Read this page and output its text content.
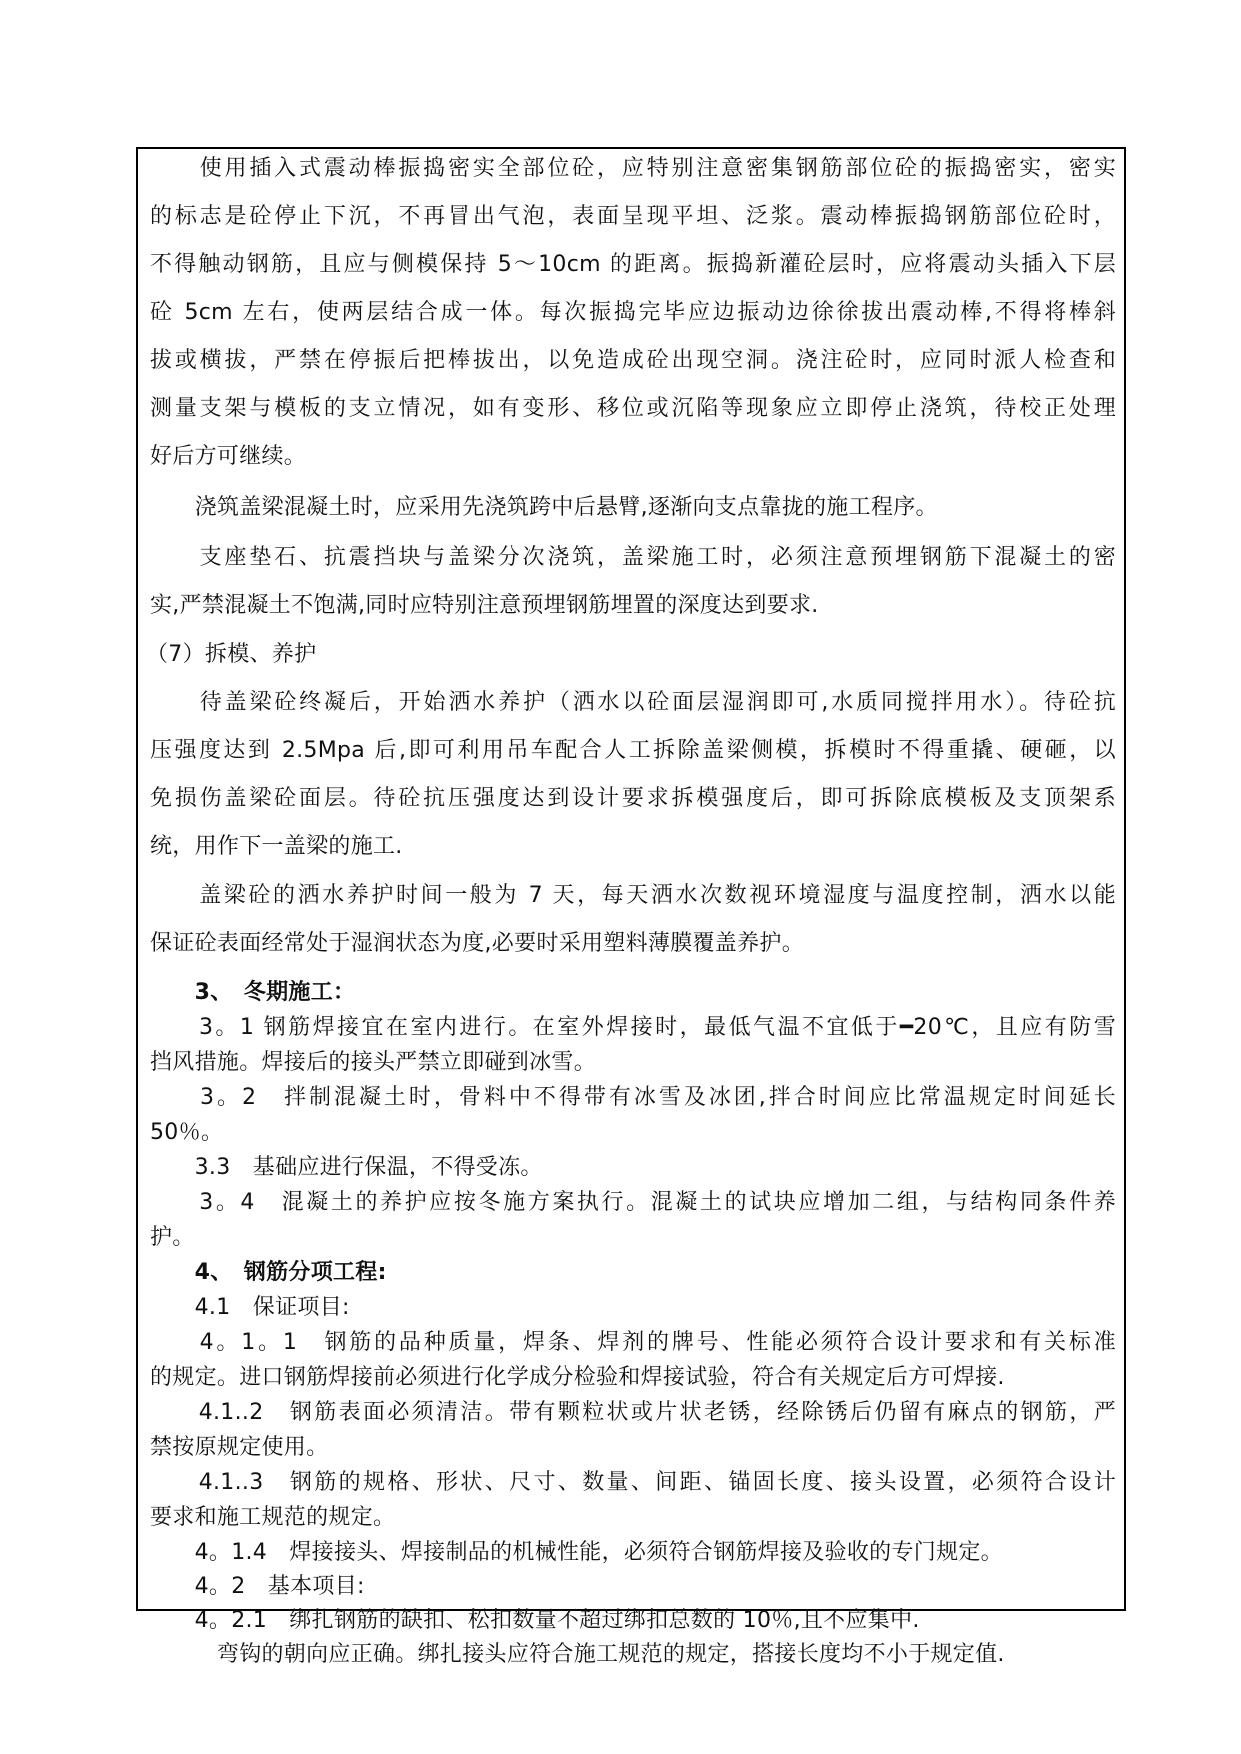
　　使用插入式震动棒振捣密实全部位砼，应特别注意密集钢筋部位砼的振捣密实，密实
的标志是砼停止下沉，不再冒出气泡，表面呈现平坦、泛浆。震动棒振捣钢筋部位砼时，
不得触动钢筋，且应与侧模保持 5～10cm 的距离。振捣新灌砼层时，应将震动头插入下层
砼 5cm 左右，使两层结合成一体。每次振捣完毕应边振动边徐徐拔出震动棒,不得将棒斜
拔或横拔，严禁在停振后把棒拔出，以免造成砼出现空洞。浇注砼时，应同时派人检查和
测量支架与模板的支立情况，如有变形、移位或沉陷等现象应立即停止浇筑，待校正处理
好后方可继续。
　　浇筑盖梁混凝土时，应采用先浇筑跨中后悬臂,逐渐向支点靠拢的施工程序。
　　支座垫石、抗震挡块与盖梁分次浇筑，盖梁施工时，必须注意预埋钢筋下混凝土的密
实,严禁混凝土不饱满,同时应特别注意预埋钢筋埋置的深度达到要求.
（7）拆模、养护
　　待盖梁砼终凝后，开始洒水养护（洒水以砼面层湿润即可,水质同搅拌用水）。待砼抗
压强度达到 2.5Mpa 后,即可利用吊车配合人工拆除盖梁侧模，拆模时不得重撬、硬砸，以
免损伤盖梁砼面层。待砼抗压强度达到设计要求拆模强度后，即可拆除底模板及支顶架系
统，用作下一盖梁的施工.
　　盖梁砼的洒水养护时间一般为 7 天，每天洒水次数视环境湿度与温度控制，洒水以能
保证砼表面经常处于湿润状态为度,必要时采用塑料薄膜覆盖养护。
　　3、　冬期施工：
　　3。1 钢筋焊接宜在室内进行。在室外焊接时，最低气温不宜低于━20℃，且应有防雪
挡风措施。焊接后的接头严禁立即碰到冰雪。
　　3。2　拌制混凝土时，骨料中不得带有冰雪及冰团,拌合时间应比常温规定时间延长
50％。
　　3.3　基础应进行保温，不得受冻。
　　3。4　混凝土的养护应按冬施方案执行。混凝土的试块应增加二组，与结构同条件养
护。
　　4、　钢筋分项工程:
　　4.1　保证项目:
　　4。1。1　钢筋的品种质量，焊条、焊剂的牌号、性能必须符合设计要求和有关标准
的规定。进口钢筋焊接前必须进行化学成分检验和焊接试验，符合有关规定后方可焊接.
　　4.1..2　钢筋表面必须清洁。带有颗粒状或片状老锈，经除锈后仍留有麻点的钢筋，严
禁按原规定使用。
　　4.1..3　钢筋的规格、形状、尺寸、数量、间距、锚固长度、接头设置，必须符合设计
要求和施工规范的规定。
　　4。1.4　焊接接头、焊接制品的机械性能，必须符合钢筋焊接及验收的专门规定。
　　4。2　基本项目:
　　4。2.1　绑扎钢筋的缺扣、松扣数量不超过绑扣总数的 10％,且不应集中.
　　　弯钩的朝向应正确。绑扎接头应符合施工规范的规定，搭接长度均不小于规定值.
